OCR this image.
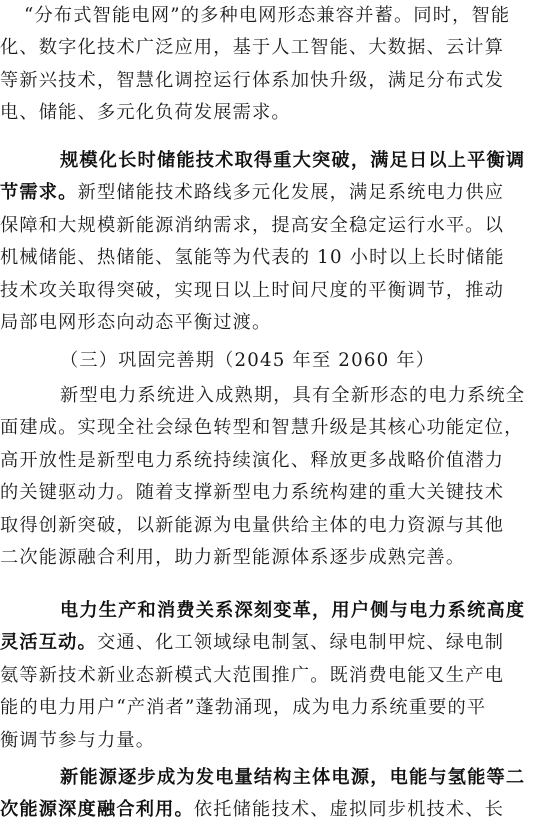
“分布式智能电网”的多种电网形态兼容并蓄。同时，智能
化、数字化技术广泛应用，基于人工智能、大数据、云计算
等新兴技术，智慧化调控运行体系加快升级，满足分布式发
电、储能、多元化负荷发展需求。
规模化长时储能技术取得重大突破，满足日以上平衡调
节需求。新型储能技术路线多元化发展，满足系统电力供应
保障和大规模新能源消纳需求，提高安全稳定运行水平。以
机械储能、热储能、氢能等为代表的 10 小时以上长时储能
技术攻关取得突破，实现日以上时间尺度的平衡调节，推动
局部电网形态向动态平衡过渡。
（三）巩固完善期（2045 年至 2060 年）
新型电力系统进入成熟期，具有全新形态的电力系统全
面建成。实现全社会绿色转型和智慧升级是其核心功能定位，
高开放性是新型电力系统持续演化、释放更多战略价值潜力
的关键驱动力。随着支撑新型电力系统构建的重大关键技术
取得创新突破，以新能源为电量供给主体的电力资源与其他
二次能源融合利用，助力新型能源体系逐步成熟完善。
电力生产和消费关系深刻变革，用户侧与电力系统高度
灵活互动。交通、化工领域绿电制氢、绿电制甲烷、绿电制
氨等新技术新业态新模式大范围推广。既消费电能又生产电
能的电力用户“产消者”蓬勃涌现，成为电力系统重要的平
衡调节参与力量。
新能源逐步成为发电量结构主体电源，电能与氢能等二
次能源深度融合利用。依托储能技术、虚拟同步机技术、长
